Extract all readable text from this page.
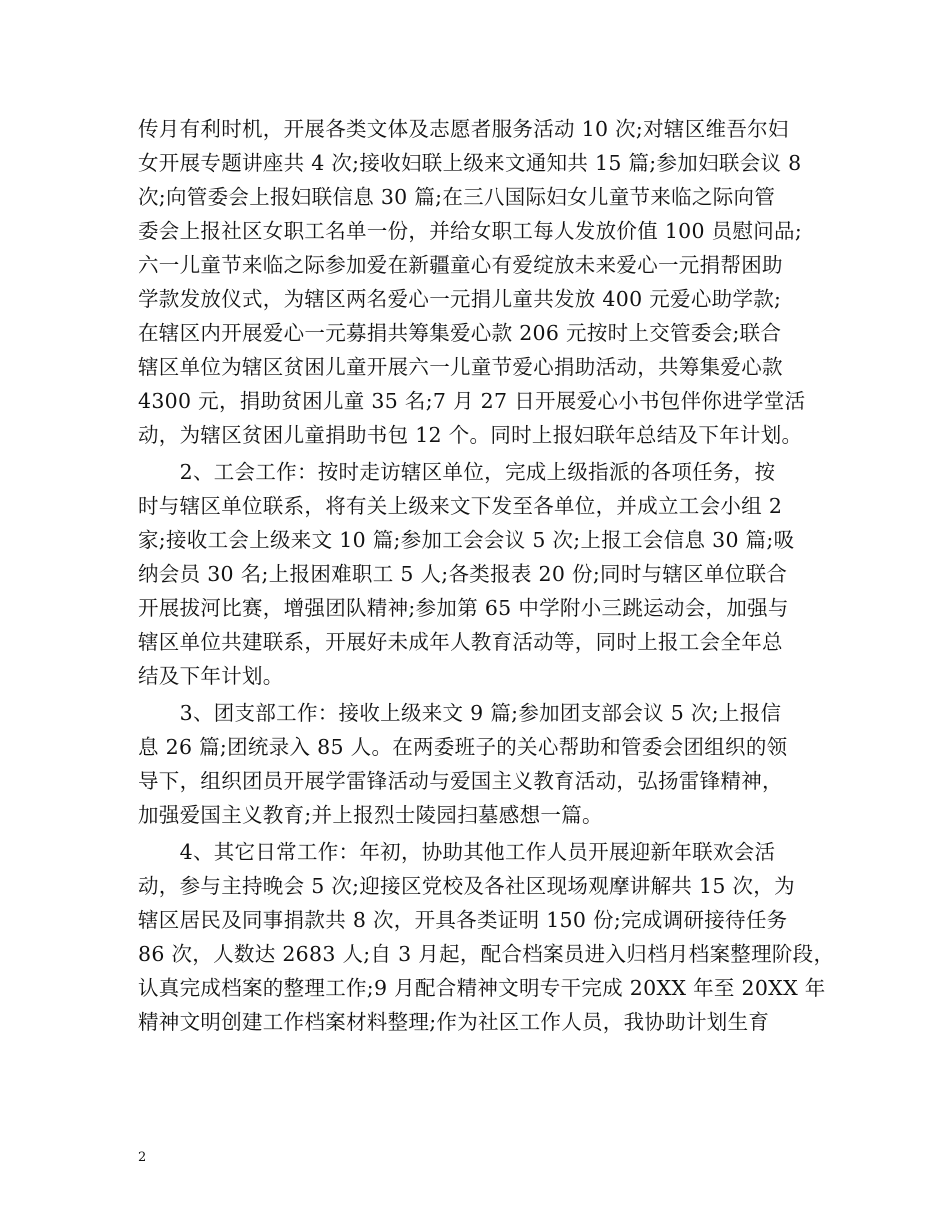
传月有利时机，开展各类文体及志愿者服务活动 10 次;对辖区维吾尔妇
女开展专题讲座共 4 次;接收妇联上级来文通知共 15 篇;参加妇联会议 8
次;向管委会上报妇联信息 30 篇;在三八国际妇女儿童节来临之际向管
委会上报社区女职工名单一份，并给女职工每人发放价值 100 员慰问品;
六一儿童节来临之际参加爱在新疆童心有爱绽放未来爱心一元捐帮困助
学款发放仪式，为辖区两名爱心一元捐儿童共发放 400 元爱心助学款;
在辖区内开展爱心一元募捐共筹集爱心款 206 元按时上交管委会;联合
辖区单位为辖区贫困儿童开展六一儿童节爱心捐助活动，共筹集爱心款
4300 元，捐助贫困儿童 35 名;7 月 27 日开展爱心小书包伴你进学堂活
动，为辖区贫困儿童捐助书包 12 个。同时上报妇联年总结及下年计划。
　　2、工会工作：按时走访辖区单位，完成上级指派的各项任务，按
时与辖区单位联系，将有关上级来文下发至各单位，并成立工会小组 2
家;接收工会上级来文 10 篇;参加工会会议 5 次;上报工会信息 30 篇;吸
纳会员 30 名;上报困难职工 5 人;各类报表 20 份;同时与辖区单位联合
开展拔河比赛，增强团队精神;参加第 65 中学附小三跳运动会，加强与
辖区单位共建联系，开展好未成年人教育活动等，同时上报工会全年总
结及下年计划。
　　3、团支部工作：接收上级来文 9 篇;参加团支部会议 5 次;上报信
息 26 篇;团统录入 85 人。在两委班子的关心帮助和管委会团组织的领
导下，组织团员开展学雷锋活动与爱国主义教育活动，弘扬雷锋精神，
加强爱国主义教育;并上报烈士陵园扫墓感想一篇。
　　4、其它日常工作：年初，协助其他工作人员开展迎新年联欢会活
动，参与主持晚会 5 次;迎接区党校及各社区现场观摩讲解共 15 次，为
辖区居民及同事捐款共 8 次，开具各类证明 150 份;完成调研接待任务
86 次，人数达 2683 人;自 3 月起，配合档案员进入归档月档案整理阶段，
认真完成档案的整理工作;9 月配合精神文明专干完成 20XX 年至 20XX 年
精神文明创建工作档案材料整理;作为社区工作人员，我协助计划生育
2
